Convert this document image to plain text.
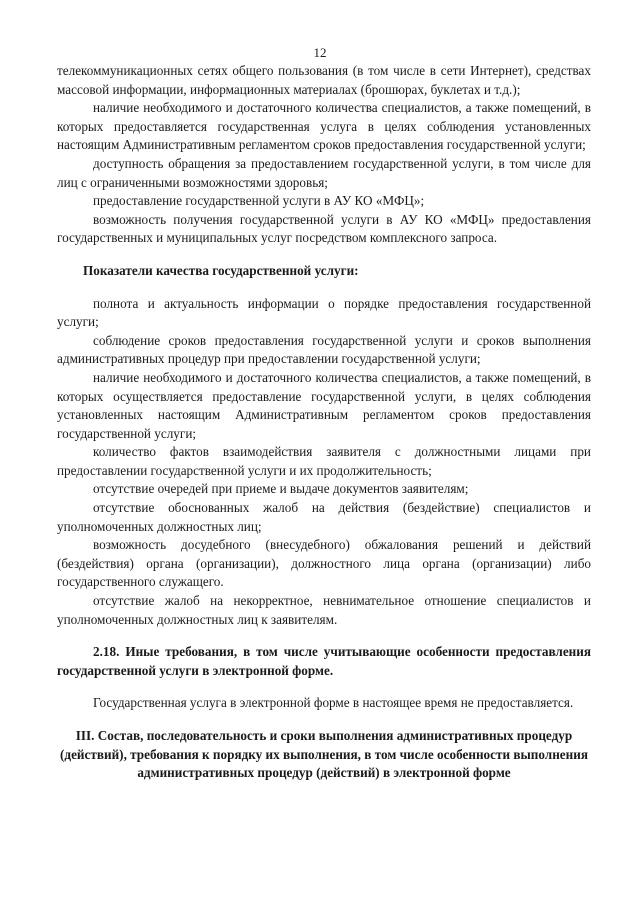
12

телекоммуникационных сетях общего пользования (в том числе в сети Интернет), средствах массовой информации, информационных материалах (брошюрах, буклетах и т.д.);

наличие необходимого и достаточного количества специалистов, а также помещений, в которых предоставляется государственная услуга в целях соблюдения установленных настоящим Административным регламентом сроков предоставления государственной услуги;

доступность обращения за предоставлением государственной услуги, в том числе для лиц с ограниченными возможностями здоровья;

предоставление государственной услуги в АУ КО «МФЦ»;

возможность получения государственной услуги в АУ КО «МФЦ» предоставления государственных и муниципальных услуг посредством комплексного запроса.

Показатели качества государственной услуги:

полнота и актуальность информации о порядке предоставления государственной услуги;

соблюдение сроков предоставления государственной услуги и сроков выполнения административных процедур при предоставлении государственной услуги;

наличие необходимого и достаточного количества специалистов, а также помещений, в которых осуществляется предоставление государственной услуги, в целях соблюдения установленных настоящим Административным регламентом сроков предоставления государственной услуги;

количество фактов взаимодействия заявителя с должностными лицами при предоставлении государственной услуги и их продолжительность;

отсутствие очередей при приеме и выдаче документов заявителям;

отсутствие обоснованных жалоб на действия (бездействие) специалистов и уполномоченных должностных лиц;

возможность досудебного (внесудебного) обжалования решений и действий (бездействия) органа (организации), должностного лица органа (организации) либо государственного служащего.

отсутствие жалоб на некорректное, невнимательное отношение специалистов и уполномоченных должностных лиц к заявителям.

2.18. Иные требования, в том числе учитывающие особенности предоставления государственной услуги в электронной форме.

Государственная услуга в электронной форме в настоящее время не предоставляется.

III. Состав, последовательность и сроки выполнения административных процедур (действий), требования к порядку их выполнения, в том числе особенности выполнения административных процедур (действий) в электронной форме
